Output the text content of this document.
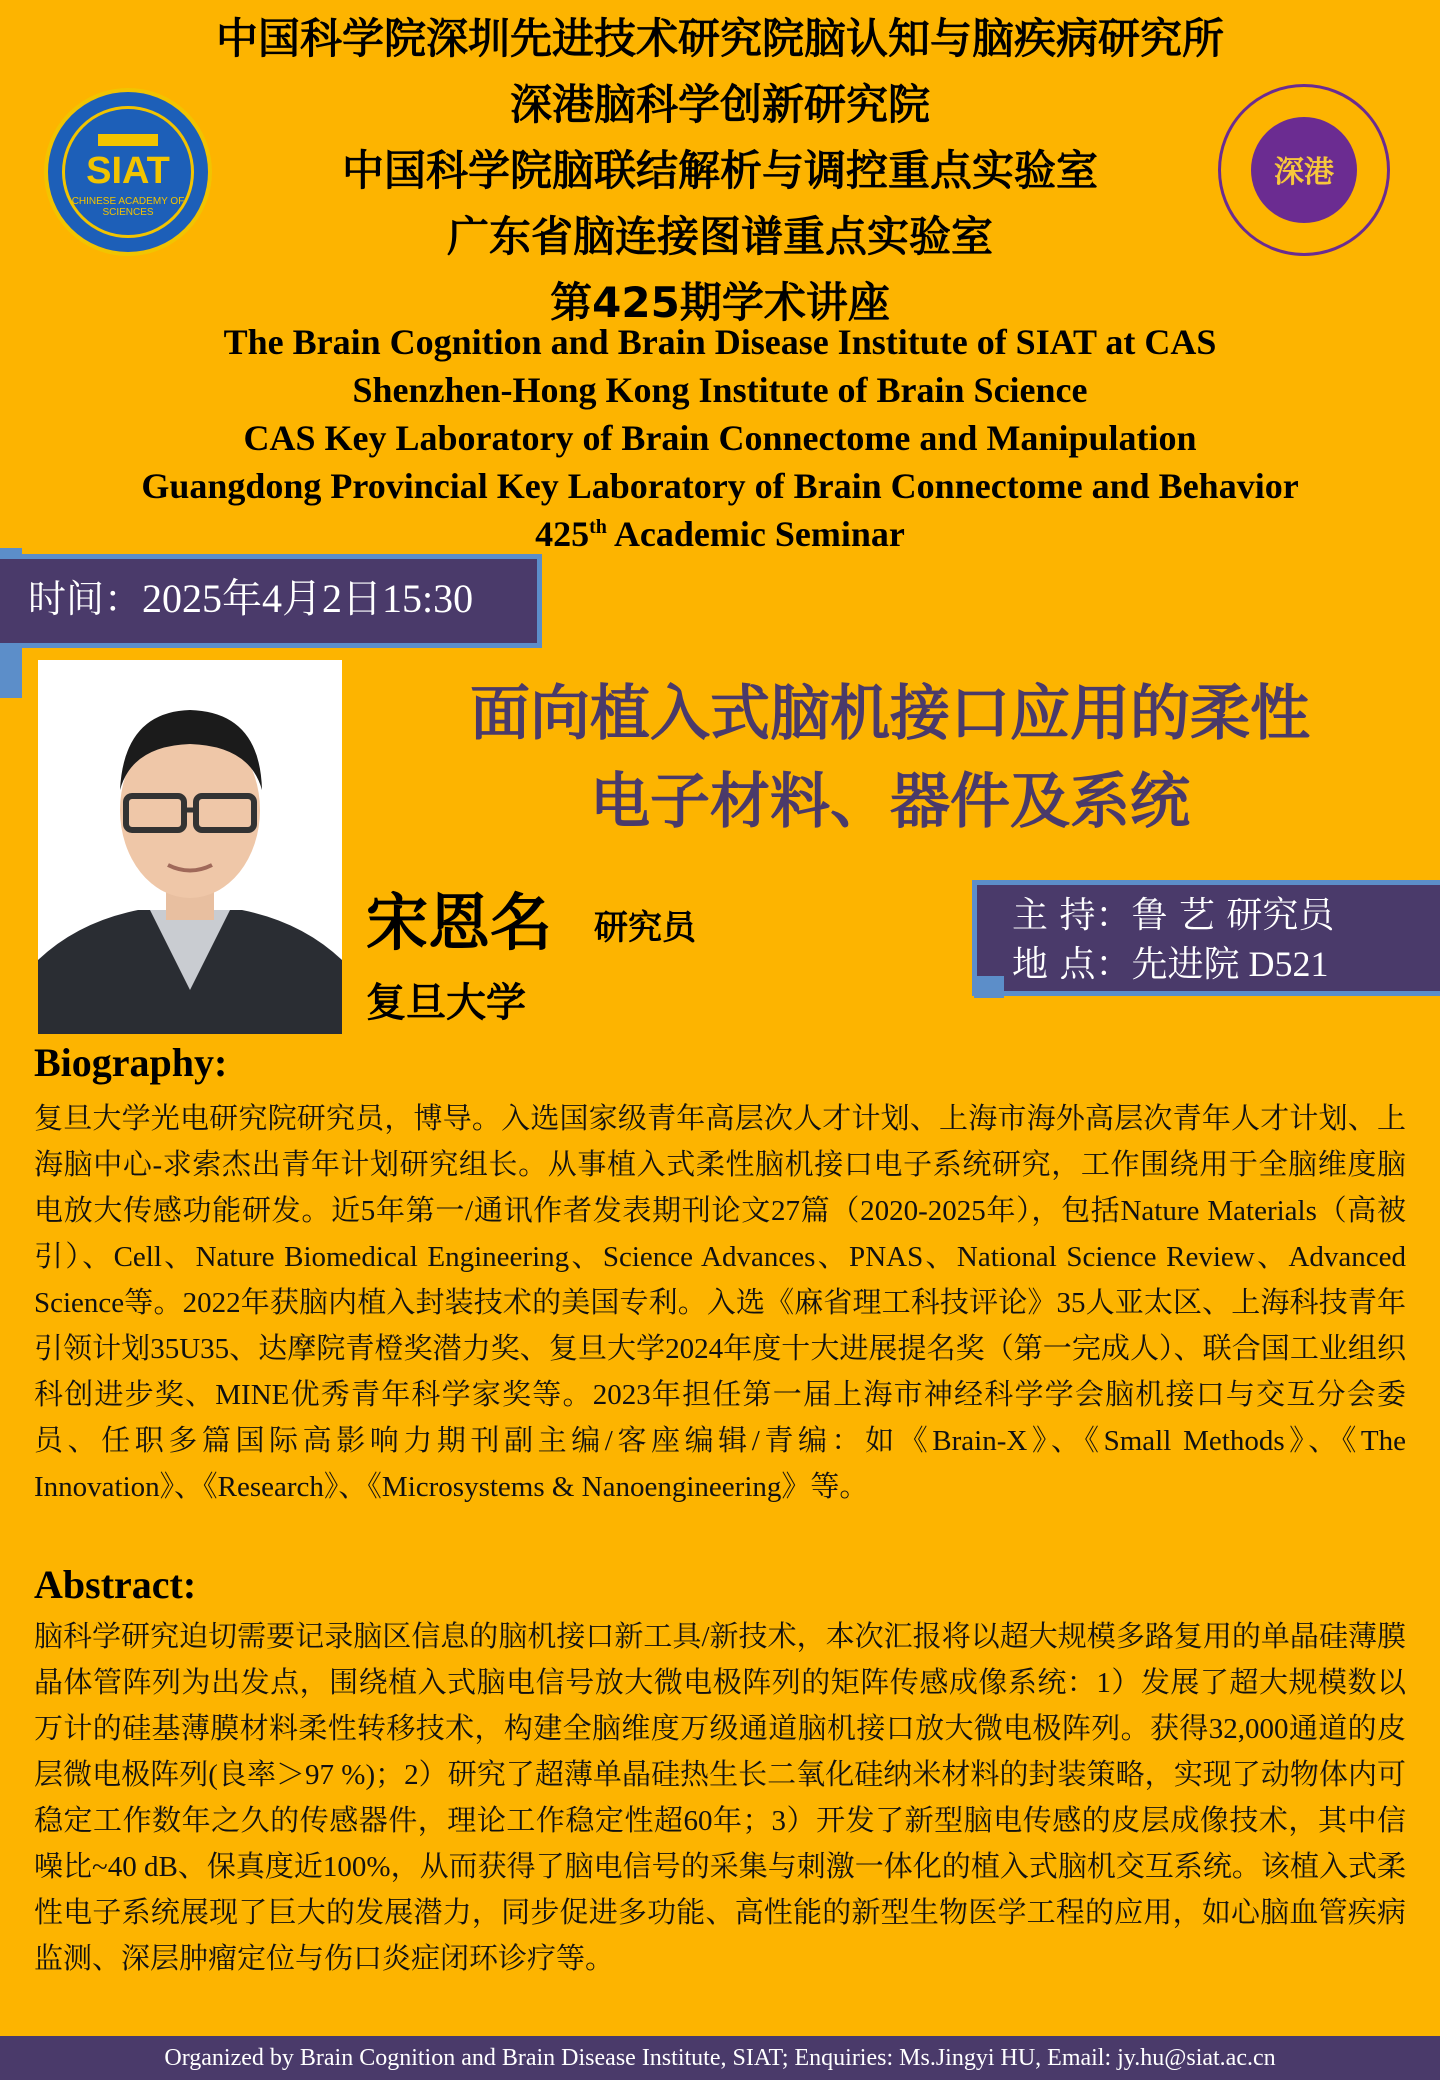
中国科学院深圳先进技术研究院脑认知与脑疾病研究所
深港脑科学创新研究院
中国科学院脑联结解析与调控重点实验室
广东省脑连接图谱重点实验室
第425期学术讲座
The Brain Cognition and Brain Disease Institute of SIAT at CAS
Shenzhen-Hong Kong Institute of Brain Science
CAS Key Laboratory of Brain Connectome and Manipulation
Guangdong Provincial Key Laboratory of Brain Connectome and Behavior
425th Academic Seminar
SIAT
CHINESE ACADEMY OF SCIENCES
深港
时间：2025年4月2日15:30
面向植入式脑机接口应用的柔性
电子材料、器件及系统
宋恩名 研究员
复旦大学
主 持：鲁 艺 研究员
地 点：先进院 D521
Biography:
复旦大学光电研究院研究员，博导。入选国家级青年高层次人才计划、上海市海外高层次青年人才计划、上海脑中心-求索杰出青年计划研究组长。从事植入式柔性脑机接口电子系统研究，工作围绕用于全脑维度脑电放大传感功能研发。近5年第一/通讯作者发表期刊论文27篇（2020-2025年），包括Nature Materials（高被引）、Cell、Nature Biomedical Engineering、Science Advances、PNAS、National Science Review、Advanced Science等。2022年获脑内植入封装技术的美国专利。入选《麻省理工科技评论》35人亚太区、上海科技青年引领计划35U35、达摩院青橙奖潜力奖、复旦大学2024年度十大进展提名奖（第一完成人）、联合国工业组织科创进步奖、MINE优秀青年科学家奖等。2023年担任第一届上海市神经科学学会脑机接口与交互分会委员、任职多篇国际高影响力期刊副主编/客座编辑/青编：如《Brain-X》、《Small Methods》、《The Innovation》、《Research》、《Microsystems & Nanoengineering》等。
Abstract:
脑科学研究迫切需要记录脑区信息的脑机接口新工具/新技术，本次汇报将以超大规模多路复用的单晶硅薄膜晶体管阵列为出发点，围绕植入式脑电信号放大微电极阵列的矩阵传感成像系统：1）发展了超大规模数以万计的硅基薄膜材料柔性转移技术，构建全脑维度万级通道脑机接口放大微电极阵列。获得32,000通道的皮层微电极阵列(良率＞97 %)；2）研究了超薄单晶硅热生长二氧化硅纳米材料的封装策略，实现了动物体内可稳定工作数年之久的传感器件，理论工作稳定性超60年；3）开发了新型脑电传感的皮层成像技术，其中信噪比~40 dB、保真度近100%，从而获得了脑电信号的采集与刺激一体化的植入式脑机交互系统。该植入式柔性电子系统展现了巨大的发展潜力，同步促进多功能、高性能的新型生物医学工程的应用，如心脑血管疾病监测、深层肿瘤定位与伤口炎症闭环诊疗等。
Organized by Brain Cognition and Brain Disease Institute, SIAT; Enquiries: Ms.Jingyi HU, Email: jy.hu@siat.ac.cn
